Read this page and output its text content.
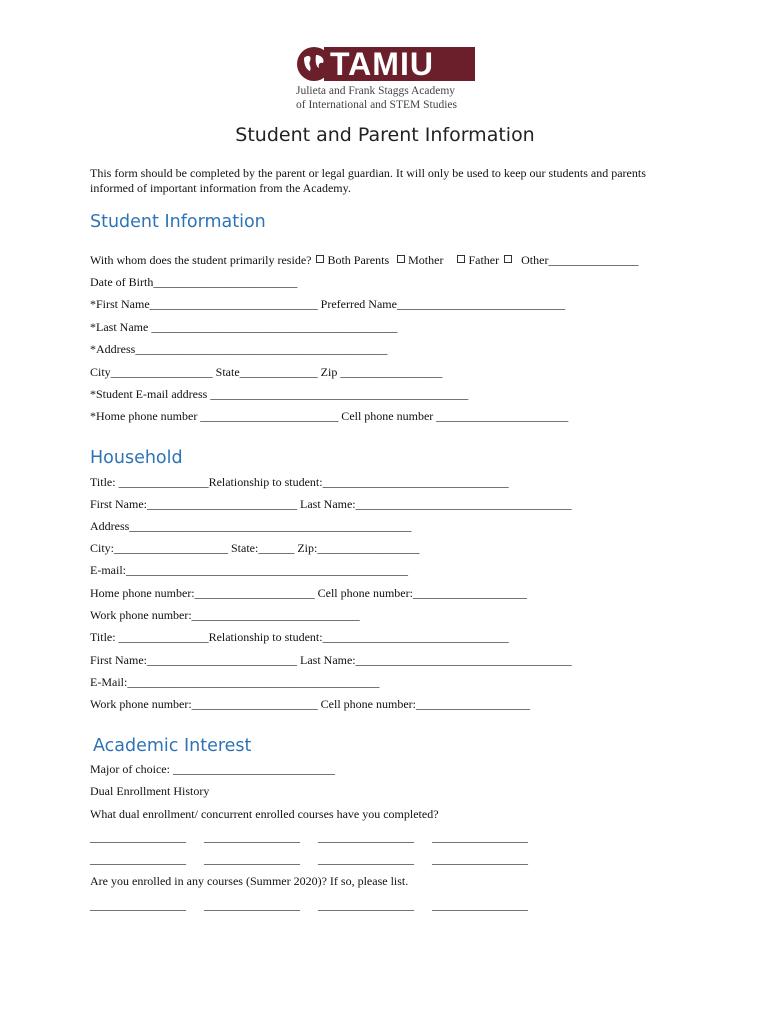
TAMIU
Julieta and Frank Staggs Academy
of International and STEM Studies
Student and Parent Information
This form should be completed by the parent or legal guardian. It will only be used to keep our students and parents informed of important information from the Academy.
Student Information
With whom does the student primarily reside? Both Parents Mother Father Other_______________
Date of Birth________________________
*First Name____________________________ Preferred Name____________________________
*Last Name _________________________________________
*Address__________________________________________
City_________________ State_____________ Zip _________________
*Student E-mail address ___________________________________________
*Home phone number _______________________ Cell phone number ______________________
Household
Title: _______________Relationship to student:_______________________________
First Name:_________________________ Last Name:____________________________________
Address_______________________________________________
City:___________________ State:______ Zip:_________________
E-mail:_______________________________________________
Home phone number:____________________ Cell phone number:___________________
Work phone number:____________________________
Title: _______________Relationship to student:_______________________________
First Name:_________________________ Last Name:____________________________________
E-Mail:__________________________________________
Work phone number:_____________________ Cell phone number:___________________
Academic Interest
Major of choice: ___________________________
Dual Enrollment History
What dual enrollment/ concurrent enrolled courses have you completed?
________________      ________________      ________________      ________________
________________      ________________      ________________      ________________
Are you enrolled in any courses (Summer 2020)? If so, please list.
________________      ________________      ________________      ________________
